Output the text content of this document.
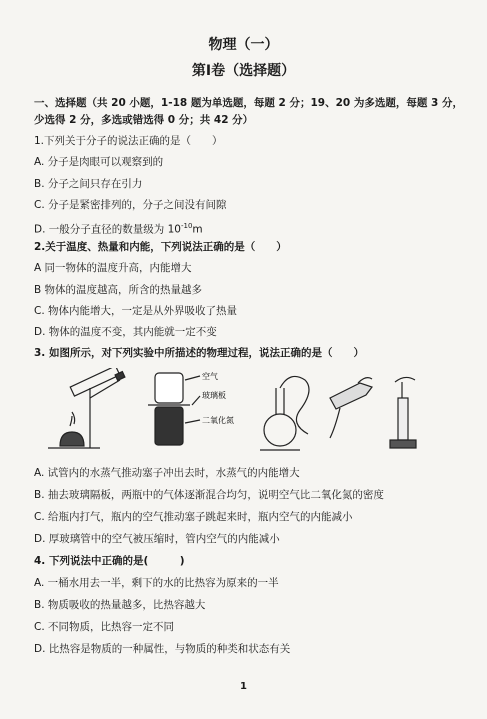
物理（一）
第Ⅰ卷（选择题）
一、选择题（共 20 小题，1-18 题为单选题，每题 2 分；19、20 为多选题，每题 3 分，
少选得 2 分，多选或错选得 0 分；共 42 分）
1.下列关于分子的说法正确的是（　　）
A. 分子是肉眼可以观察到的
B. 分子之间只存在引力
C. 分子是紧密排列的，分子之间没有间隙
D. 一般分子直径的数量级为 $10^{-10}m$
2.关于温度、热量和内能，下列说法正确的是（　　）
A 同一物体的温度升高，内能增大
B 物体的温度越高，所含的热量越多
C. 物体内能增大，一定是从外界吸收了热量
D. 物体的温度不变，其内能就一定不变
3. 如图所示，对下列实验中所描述的物理过程，说法正确的是（　　）
空气
玻璃板
二氧化氮
A. 试管内的水蒸气推动塞子冲出去时，水蒸气的内能增大
B. 抽去玻璃隔板，两瓶中的气体逐渐混合均匀，说明空气比二氧化氮的密度
C. 给瓶内打气，瓶内的空气推动塞子跳起来时，瓶内空气的内能减小
D. 厚玻璃管中的空气被压缩时，管内空气的内能减小
4. 下列说法中正确的是(　　　)
A. 一桶水用去一半，剩下的水的比热容为原来的一半
B. 物质吸收的热量越多，比热容越大
C. 不同物质，比热容一定不同
D. 比热容是物质的一种属性，与物质的种类和状态有关
1
